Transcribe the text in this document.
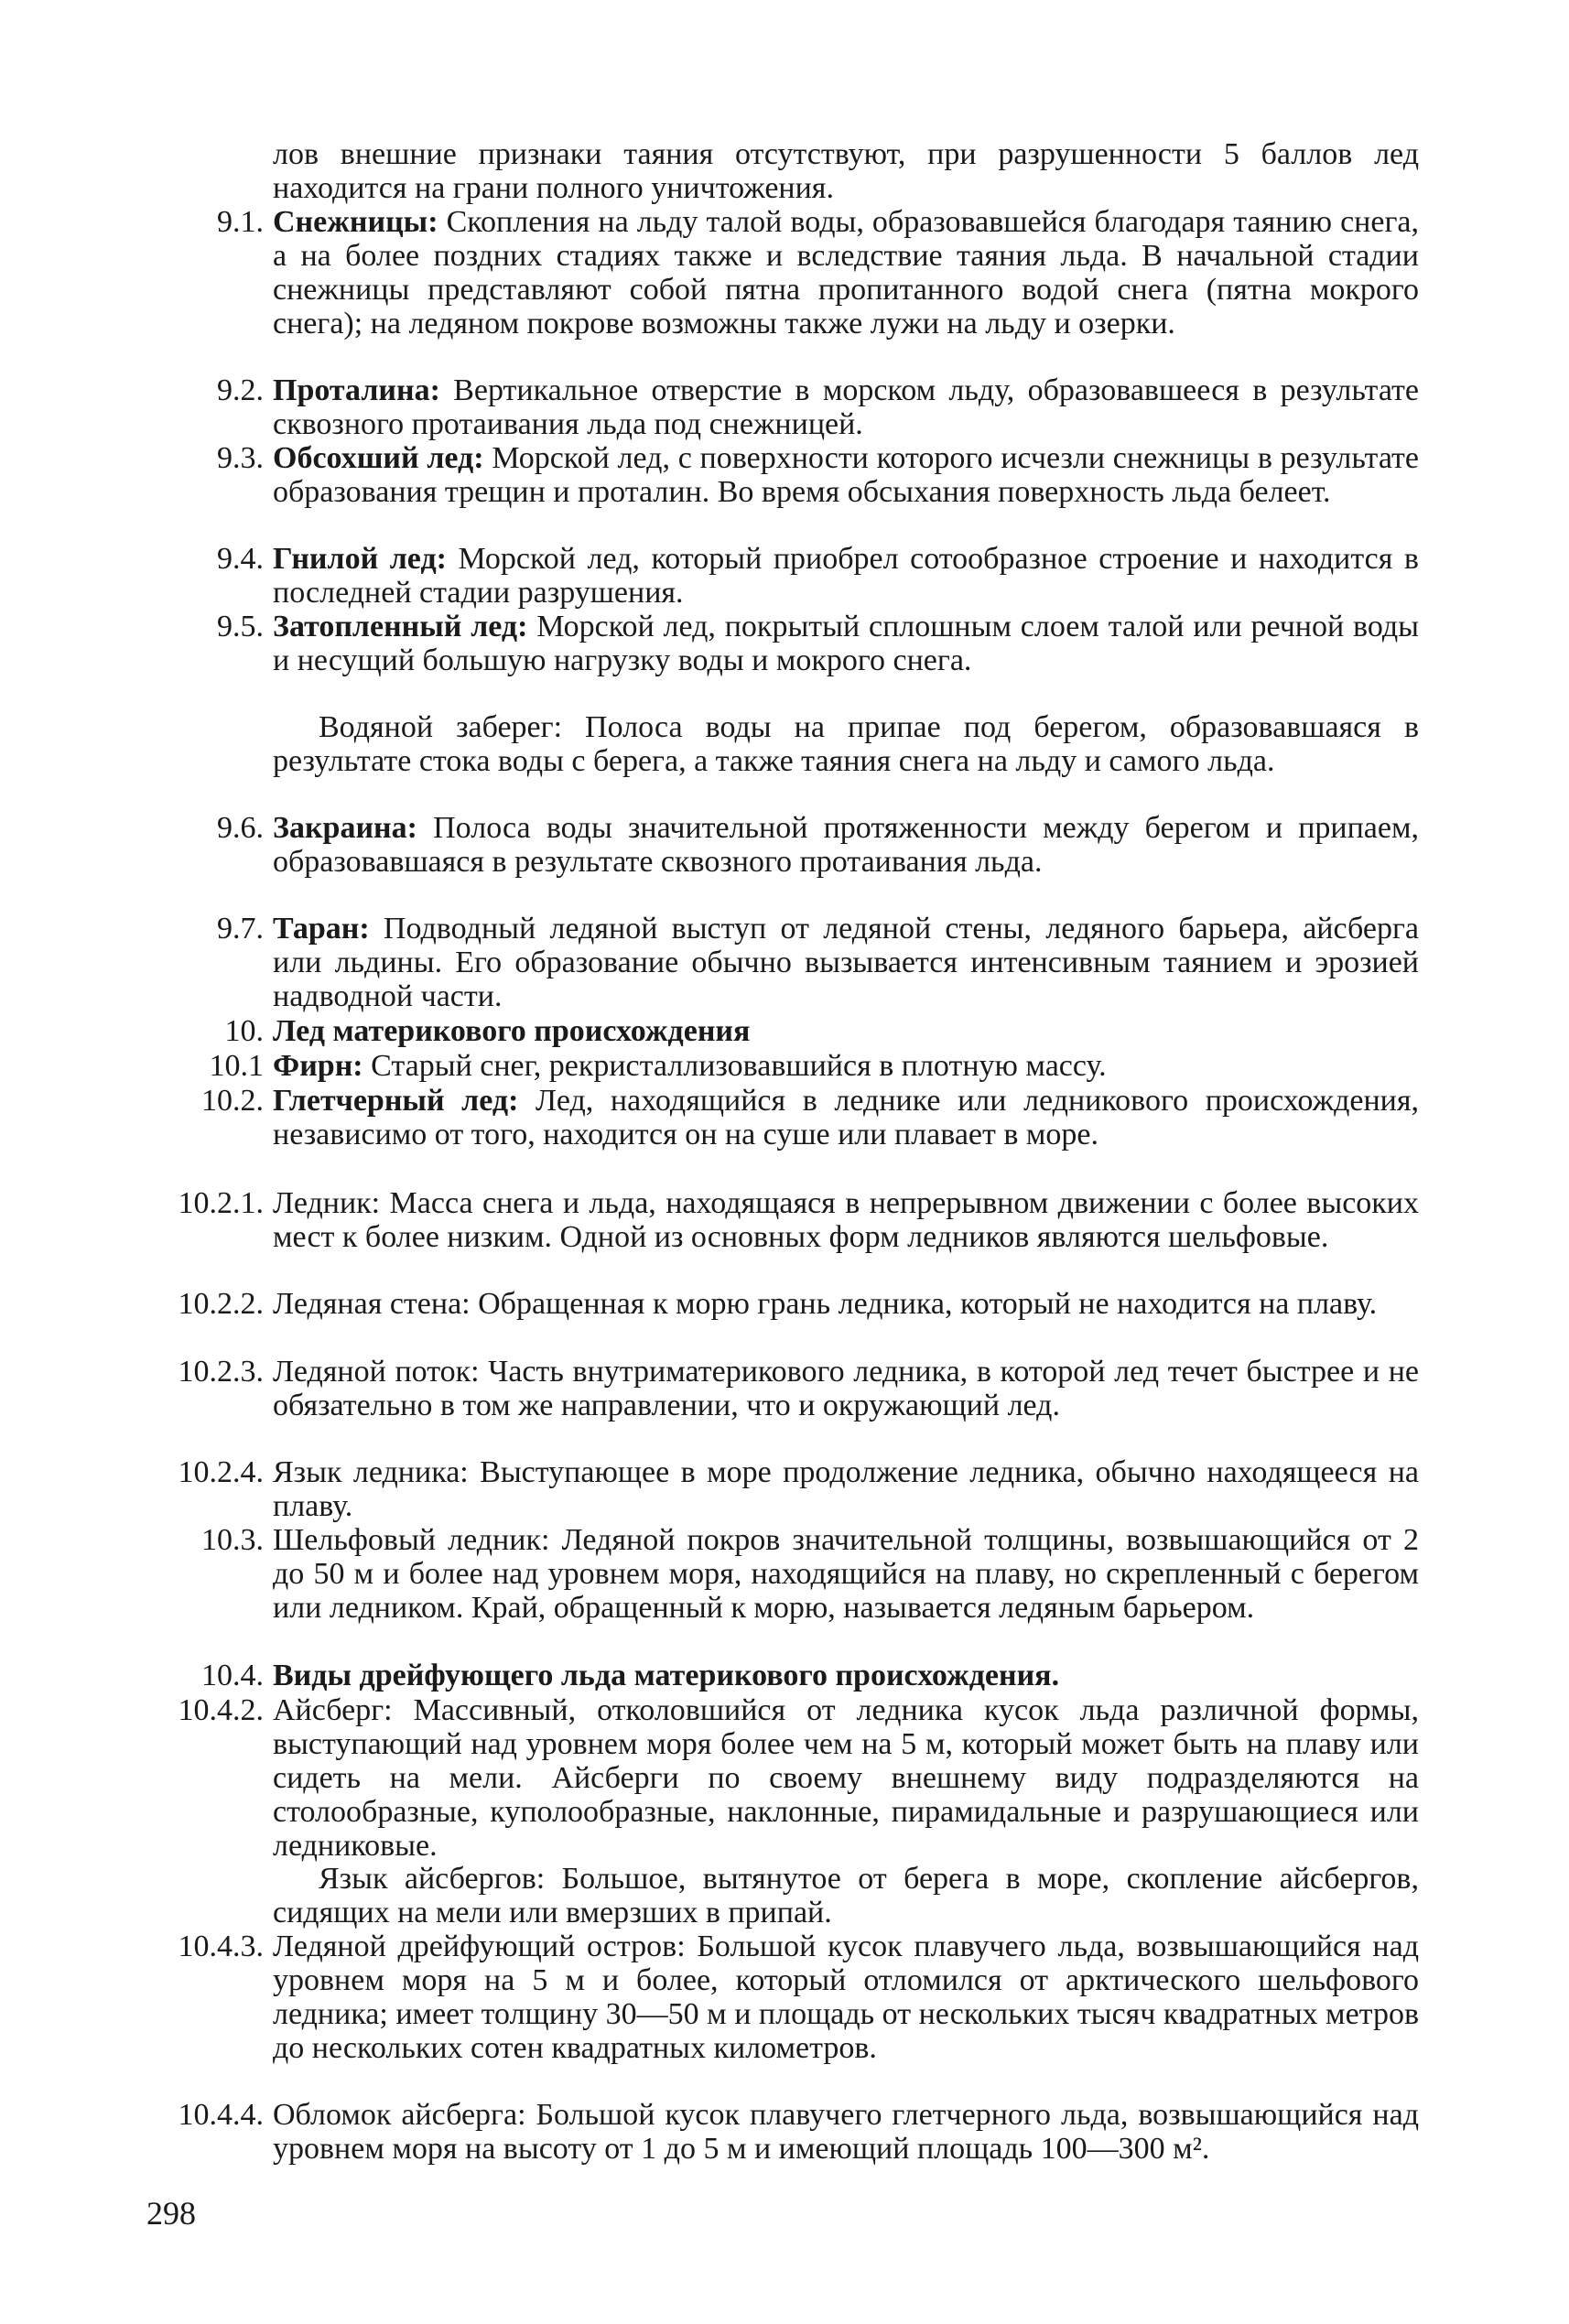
лов внешние признаки таяния отсутствуют, при разрушенности 5 баллов лед находится на грани полного уничтожения.
9.1. Снежницы: Скопления на льду талой воды, образовавшейся благодаря таянию снега, а на более поздних стадиях также и вследствие таяния льда. В начальной стадии снежницы представляют собой пятна пропитанного водой снега (пятна мокрого снега); на ледяном покрове возможны также лужи на льду и озерки.
9.2. Проталина: Вертикальное отверстие в морском льду, образовавшееся в результате сквозного протаивания льда под снежницей.
9.3. Обсохший лед: Морской лед, с поверхности которого исчезли снежницы в результате образования трещин и проталин. Во время обсыхания поверхность льда белеет.
9.4. Гнилой лед: Морской лед, который приобрел сотообразное строение и находится в последней стадии разрушения.
9.5. Затопленный лед: Морской лед, покрытый сплошным слоем талой или речной воды и несущий большую нагрузку воды и мокрого снега.
Водяной заберег: Полоса воды на припае под берегом, образовавшаяся в результате стока воды с берега, а также таяния снега на льду и самого льда.
9.6. Закраина: Полоса воды значительной протяженности между берегом и припаем, образовавшаяся в результате сквозного протаивания льда.
9.7. Таран: Подводный ледяной выступ от ледяной стены, ледяного барьера, айсберга или льдины. Его образование обычно вызывается интенсивным таянием и эрозией надводной части.
10. Лед материкового происхождения
10.1 Фирн: Старый снег, рекристаллизовавшийся в плотную массу.
10.2. Глетчерный лед: Лед, находящийся в леднике или ледникового происхождения, независимо от того, находится он на суше или плавает в море.
10.2.1. Ледник: Масса снега и льда, находящаяся в непрерывном движении с более высоких мест к более низким. Одной из основных форм ледников являются шельфовые.
10.2.2. Ледяная стена: Обращенная к морю грань ледника, который не находится на плаву.
10.2.3. Ледяной поток: Часть внутриматерикового ледника, в которой лед течет быстрее и не обязательно в том же направлении, что и окружающий лед.
10.2.4. Язык ледника: Выступающее в море продолжение ледника, обычно находящееся на плаву.
10.3. Шельфовый ледник: Ледяной покров значительной толщины, возвышающийся от 2 до 50 м и более над уровнем моря, находящийся на плаву, но скрепленный с берегом или ледником. Край, обращенный к морю, называется ледяным барьером.
10.4. Виды дрейфующего льда материкового происхождения.
10.4.2. Айсберг: Массивный, отколовшийся от ледника кусок льда различной формы, выступающий над уровнем моря более чем на 5 м, который может быть на плаву или сидеть на мели. Айсберги по своему внешнему виду подразделяются на столообразные, куполообразные, наклонные, пирамидальные и разрушающиеся или ледниковые.
Язык айсбергов: Большое, вытянутое от берега в море, скопление айсбергов, сидящих на мели или вмерзших в припай.
10.4.3. Ледяной дрейфующий остров: Большой кусок плавучего льда, возвышающийся над уровнем моря на 5 м и более, который отломился от арктического шельфового ледника; имеет толщину 30—50 м и площадь от нескольких тысяч квадратных метров до нескольких сотен квадратных километров.
10.4.4. Обломок айсберга: Большой кусок плавучего глетчерного льда, возвышающийся над уровнем моря на высоту от 1 до 5 м и имеющий площадь 100—300 м².
298
